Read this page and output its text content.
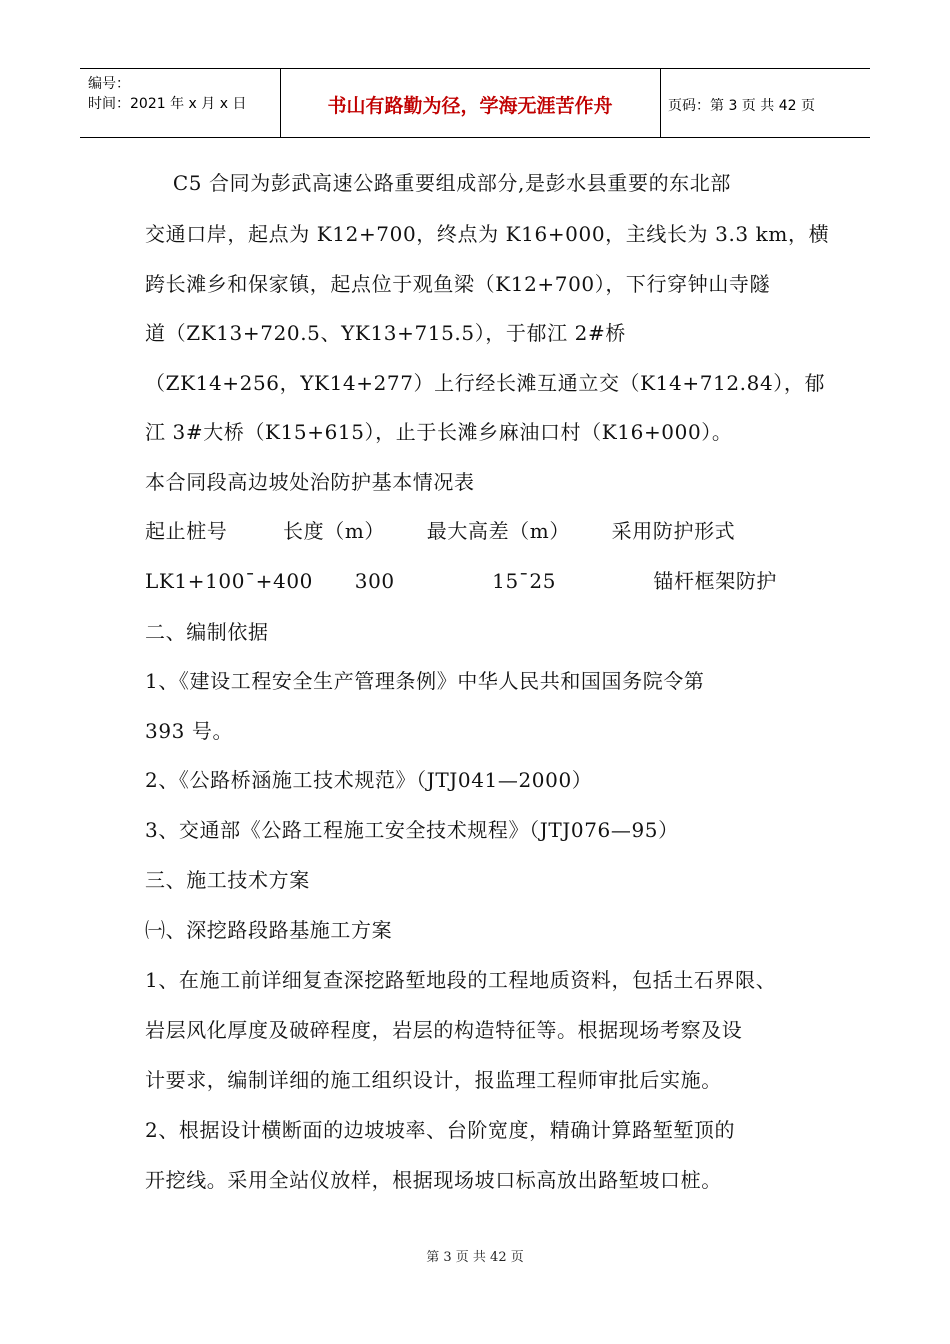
编号：
时间：2021 年 x 月 x 日	书山有路勤为径，学海无涯苦作舟	页码：第 3 页 共 42 页
C5 合同为彭武高速公路重要组成部分,是彭水县重要的东北部
交通口岸，起点为 K12+700，终点为 K16+000，主线长为 3.3 km，横
跨长滩乡和保家镇，起点位于观鱼梁（K12+700），下行穿钟山寺隧
道（ZK13+720.5、YK13+715.5），于郁江 2#桥
（ZK14+256，YK14+277）上行经长滩互通立交（K14+712.84），郁
江 3#大桥（K15+615），止于长滩乡麻油口村（K16+000）。
本合同段高边坡处治防护基本情况表
起止桩号        长度（m）      最大高差（m）      采用防护形式
LK1+100¯+400      300              15¯25              锚杆框架防护
二、编制依据
1、《建设工程安全生产管理条例》中华人民共和国国务院令第
393 号。
2、《公路桥涵施工技术规范》（JTJ041—2000）
3、交通部《公路工程施工安全技术规程》（JTJ076—95）
三、施工技术方案
㈠、深挖路段路基施工方案
1、在施工前详细复查深挖路堑地段的工程地质资料，包括土石界限、
岩层风化厚度及破碎程度，岩层的构造特征等。根据现场考察及设
计要求，编制详细的施工组织设计，报监理工程师审批后实施。
2、根据设计横断面的边坡坡率、台阶宽度，精确计算路堑堑顶的
开挖线。采用全站仪放样，根据现场坡口标高放出路堑坡口桩。
第 3 页 共 42 页
